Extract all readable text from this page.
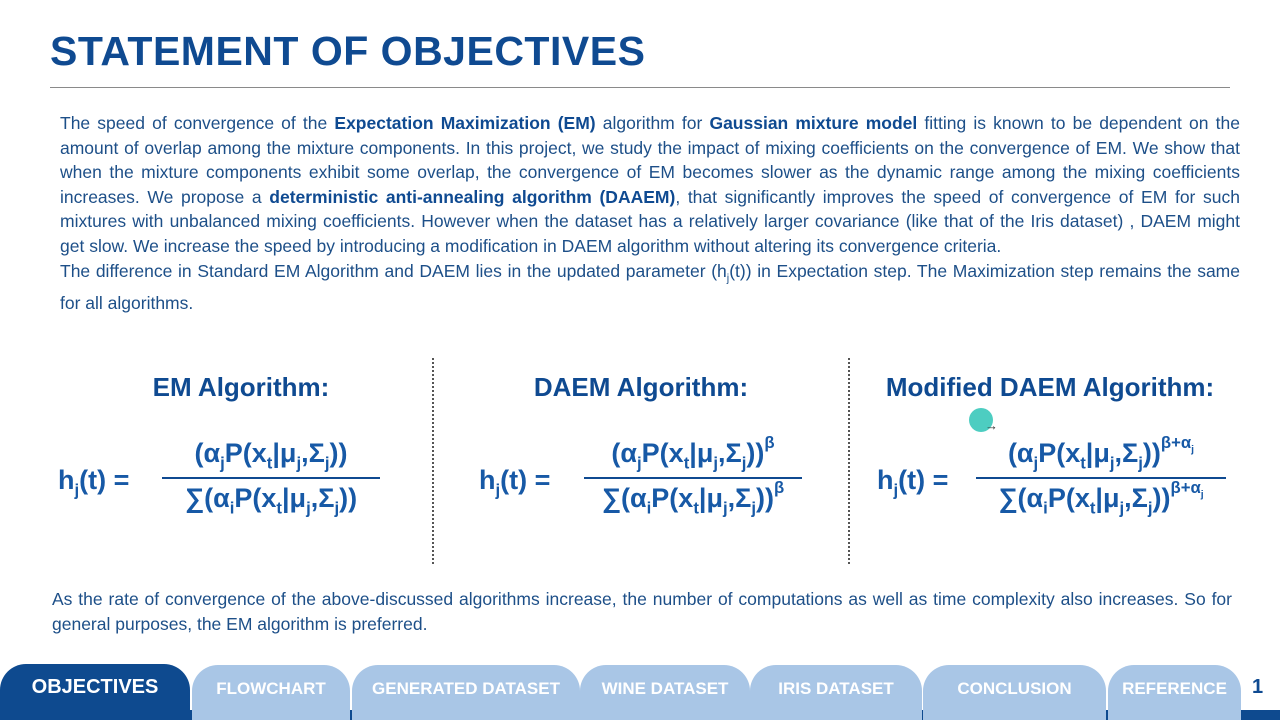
STATEMENT OF OBJECTIVES

The speed of convergence of the Expectation Maximization (EM) algorithm for Gaussian mixture model fitting is known to be dependent on the amount of overlap among the mixture components. In this project, we study the impact of mixing coefficients on the convergence of EM. We show that when the mixture components exhibit some overlap, the convergence of EM becomes slower as the dynamic range among the mixing coefficients increases. We propose a deterministic anti-annealing algorithm (DAAEM), that significantly improves the speed of convergence of EM for such mixtures with unbalanced mixing coefficients. However when the dataset has a relatively larger covariance (like that of the Iris dataset) , DAEM might get slow. We increase the speed by introducing a modification in DAEM algorithm without altering its convergence criteria.

The difference in Standard EM Algorithm and DAEM lies in the updated parameter $(h_j(t))$ in Expectation step. The Maximization step remains the same for all algorithms.

EM Algorithm:
$h_j(t)$ =
$(\alpha_jP(x_t|\mu_j,\Sigma_j))$
$\sum(\alpha_iP(x_t|\mu_j,\Sigma_j))$
DAEM Algorithm:
$h_j(t)$ =
$(\alpha_jP(x_t|\mu_j,\Sigma_j))^\beta$
$\sum(\alpha_iP(x_t|\mu_j,\Sigma_j))^\beta$
Modified DAEM Algorithm:
$h_j(t)$ =
$(\alpha_jP(x_t|\mu_j,\Sigma_j))^{\beta+\alpha_j}$
$\sum(\alpha_iP(x_t|\mu_j,\Sigma_j))^{\beta+\alpha_j}$
→

As the rate of convergence of the above-discussed algorithms increase, the number of computations as well as time complexity also increases. So for general purposes, the EM algorithm is preferred.

REFERENCE
CONCLUSION
IRIS DATASET
WINE DATASET
GENERATED DATASET
FLOWCHART
OBJECTIVES	1
